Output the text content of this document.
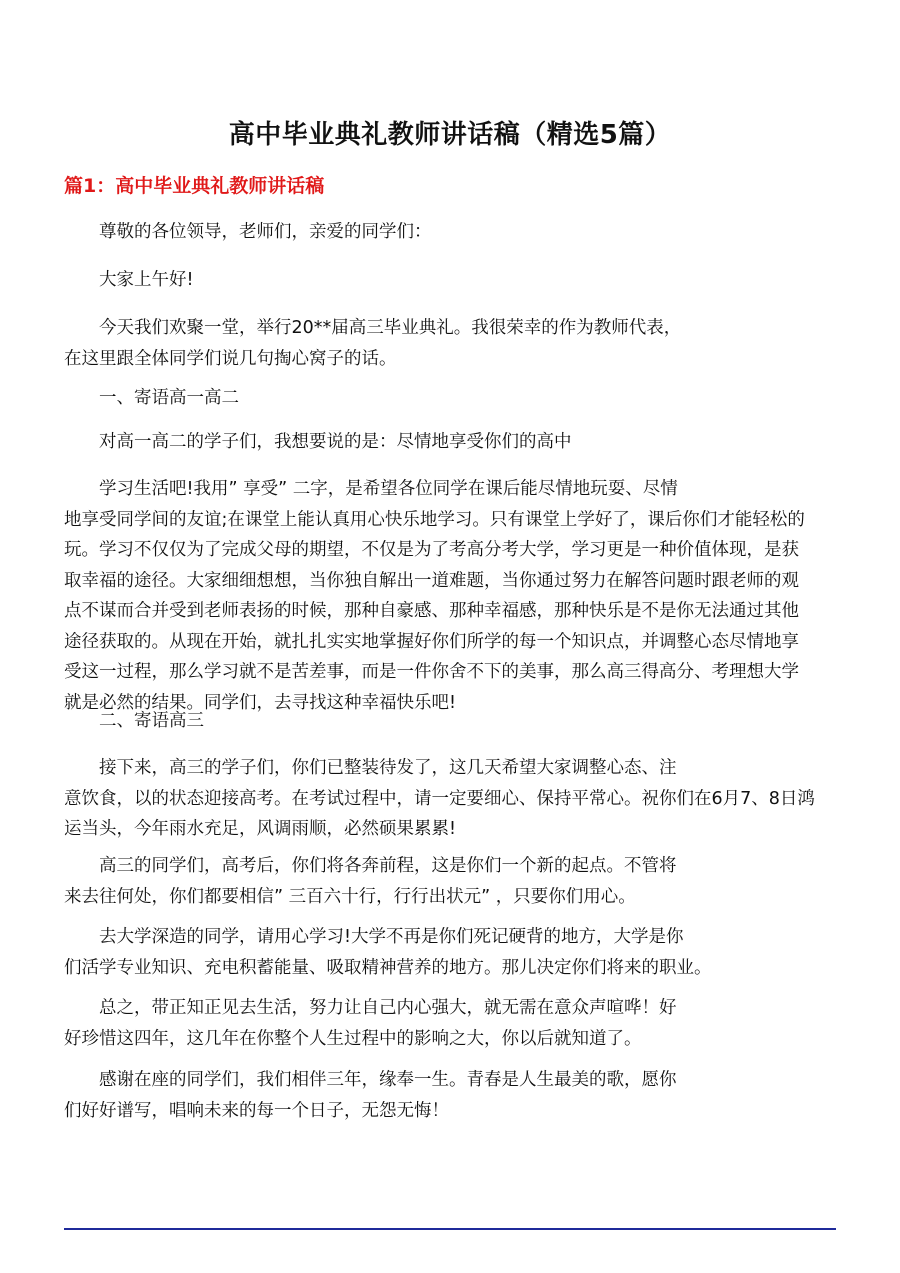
高中毕业典礼教师讲话稿（精选5篇）
篇1：高中毕业典礼教师讲话稿

尊敬的各位领导，老师们，亲爱的同学们：

大家上午好!

今天我们欢聚一堂，举行20**届高三毕业典礼。我很荣幸的作为教师代表，
在这里跟全体同学们说几句掏心窝子的话。

一、寄语高一高二

对高一高二的学子们，我想要说的是：尽情地享受你们的高中

学习生活吧!我用” 享受” 二字，是希望各位同学在课后能尽情地玩耍、尽情
地享受同学间的友谊;在课堂上能认真用心快乐地学习。只有课堂上学好了，课后你们才能轻松的
玩。学习不仅仅为了完成父母的期望，不仅是为了考高分考大学，学习更是一种价值体现，是获
取幸福的途径。大家细细想想，当你独自解出一道难题，当你通过努力在解答问题时跟老师的观
点不谋而合并受到老师表扬的时候，那种自豪感、那种幸福感，那种快乐是不是你无法通过其他
途径获取的。从现在开始，就扎扎实实地掌握好你们所学的每一个知识点，并调整心态尽情地享
受这一过程，那么学习就不是苦差事，而是一件你舍不下的美事，那么高三得高分、考理想大学
就是必然的结果。同学们，去寻找这种幸福快乐吧!

二、寄语高三

接下来，高三的学子们，你们已整装待发了，这几天希望大家调整心态、注
意饮食，以的状态迎接高考。在考试过程中，请一定要细心、保持平常心。祝你们在6月7、8日鸿
运当头，今年雨水充足，风调雨顺，必然硕果累累!

高三的同学们，高考后，你们将各奔前程，这是你们一个新的起点。不管将
来去往何处，你们都要相信” 三百六十行，行行出状元” ，只要你们用心。

去大学深造的同学，请用心学习!大学不再是你们死记硬背的地方，大学是你
们活学专业知识、充电积蓄能量、吸取精神营养的地方。那儿决定你们将来的职业。

总之，带正知正见去生活，努力让自己内心强大，就无需在意众声喧哗！好
好珍惜这四年，这几年在你整个人生过程中的影响之大，你以后就知道了。

感谢在座的同学们，我们相伴三年，缘奉一生。青春是人生最美的歌，愿你
们好好谱写，唱响未来的每一个日子，无怨无悔！
